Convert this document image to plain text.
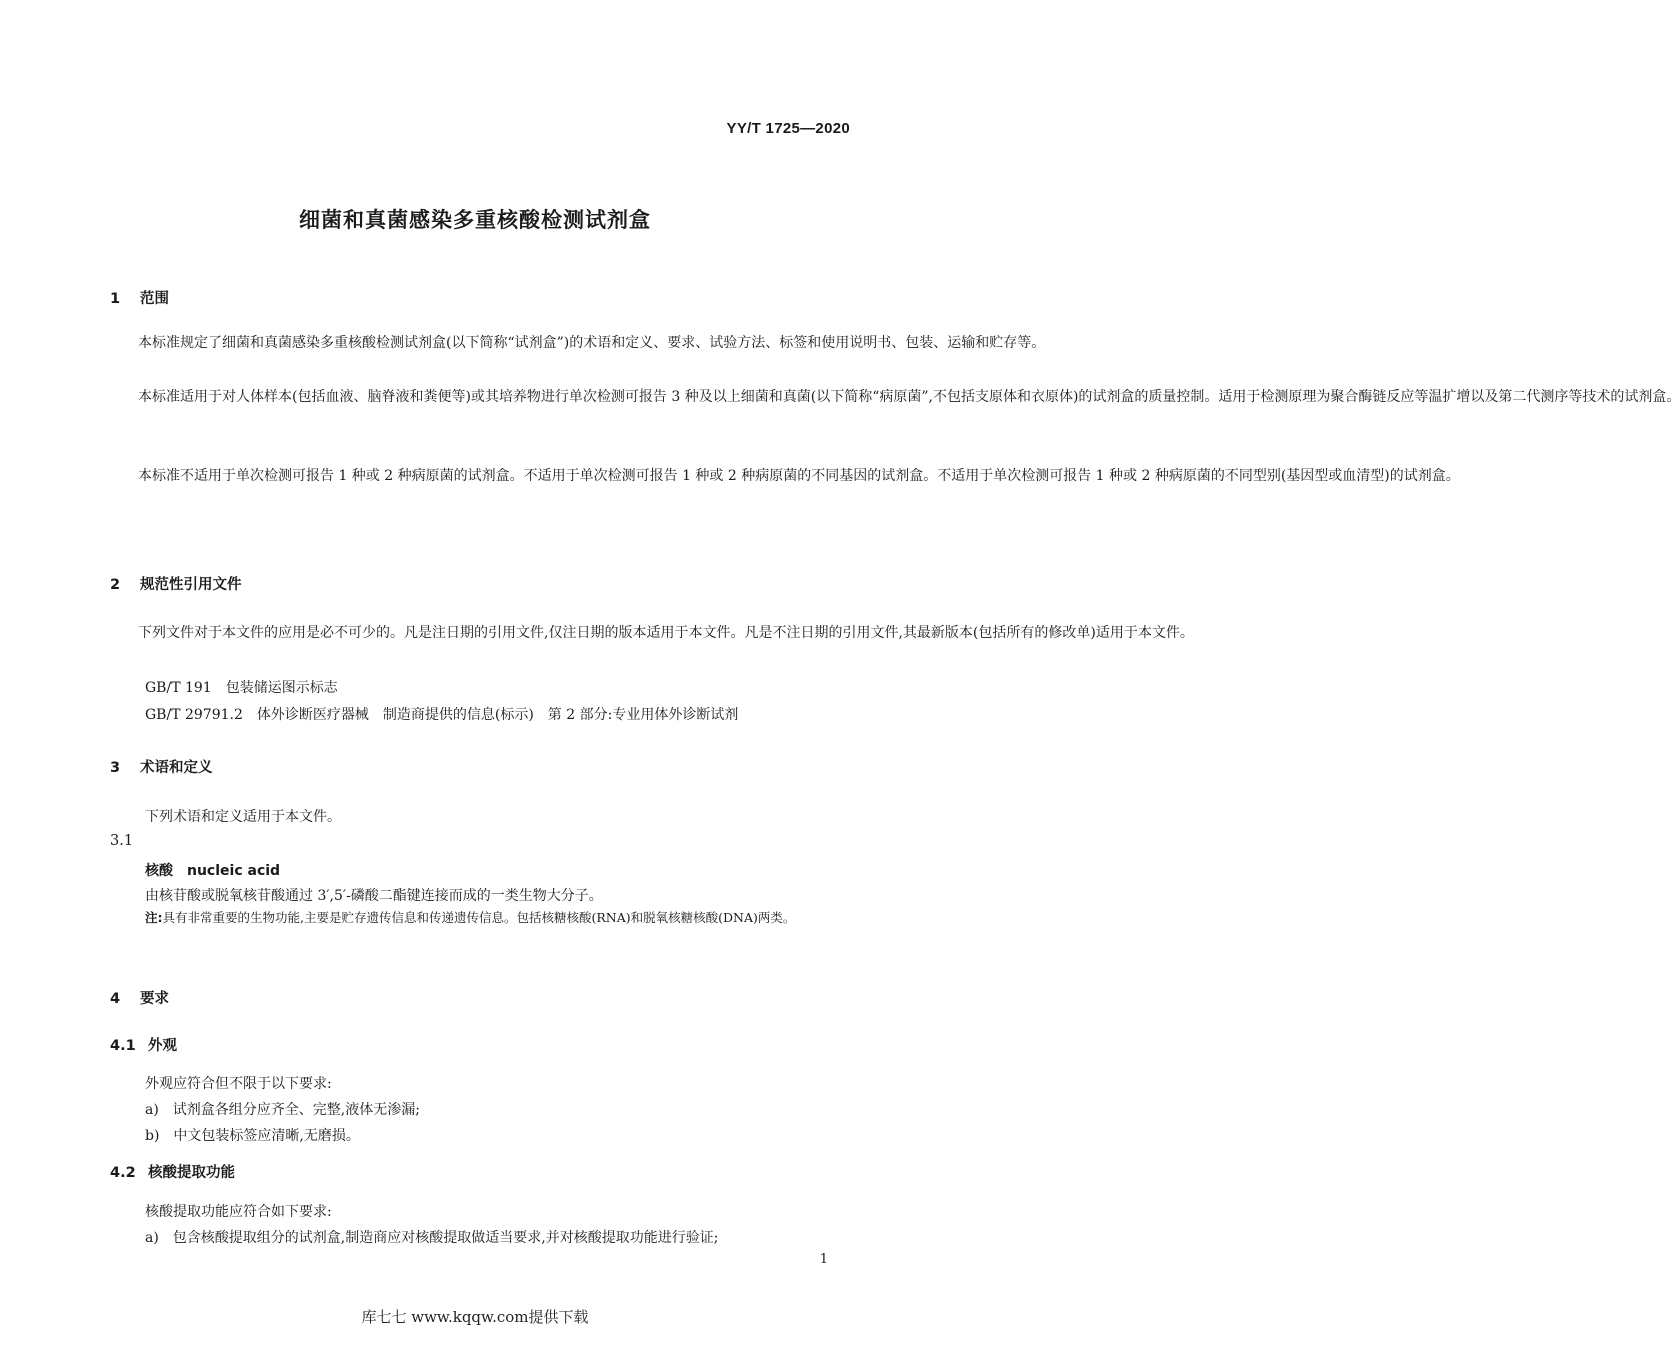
YY/T 1725—2020
细菌和真菌感染多重核酸检测试剂盒
1 范围
本标准规定了细菌和真菌感染多重核酸检测试剂盒(以下简称“试剂盒”)的术语和定义、要求、试验方法、标签和使用说明书、包装、运输和贮存等。
本标准适用于对人体样本(包括血液、脑脊液和粪便等)或其培养物进行单次检测可报告 3 种及以上细菌和真菌(以下简称“病原菌”,不包括支原体和衣原体)的试剂盒的质量控制。适用于检测原理为聚合酶链反应等温扩增以及第二代测序等技术的试剂盒。
本标准不适用于单次检测可报告 1 种或 2 种病原菌的试剂盒。不适用于单次检测可报告 1 种或 2 种病原菌的不同基因的试剂盒。不适用于单次检测可报告 1 种或 2 种病原菌的不同型别(基因型或血清型)的试剂盒。
2 规范性引用文件
下列文件对于本文件的应用是必不可少的。凡是注日期的引用文件,仅注日期的版本适用于本文件。凡是不注日期的引用文件,其最新版本(包括所有的修改单)适用于本文件。
GB/T 191　包装储运图示标志
GB/T 29791.2　体外诊断医疗器械　制造商提供的信息(标示)　第 2 部分:专业用体外诊断试剂
3 术语和定义
下列术语和定义适用于本文件。
3.1
核酸　nucleic acid
由核苷酸或脱氧核苷酸通过 3′,5′-磷酸二酯键连接而成的一类生物大分子。
注:具有非常重要的生物功能,主要是贮存遗传信息和传递遗传信息。包括核糖核酸(RNA)和脱氧核糖核酸(DNA)两类。
4 要求
4.1 外观
外观应符合但不限于以下要求:
a)　试剂盒各组分应齐全、完整,液体无渗漏;
b)　中文包装标签应清晰,无磨损。
4.2 核酸提取功能
核酸提取功能应符合如下要求:
a)　包含核酸提取组分的试剂盒,制造商应对核酸提取做适当要求,并对核酸提取功能进行验证;
1
库七七 www.kqqw.com提供下载
